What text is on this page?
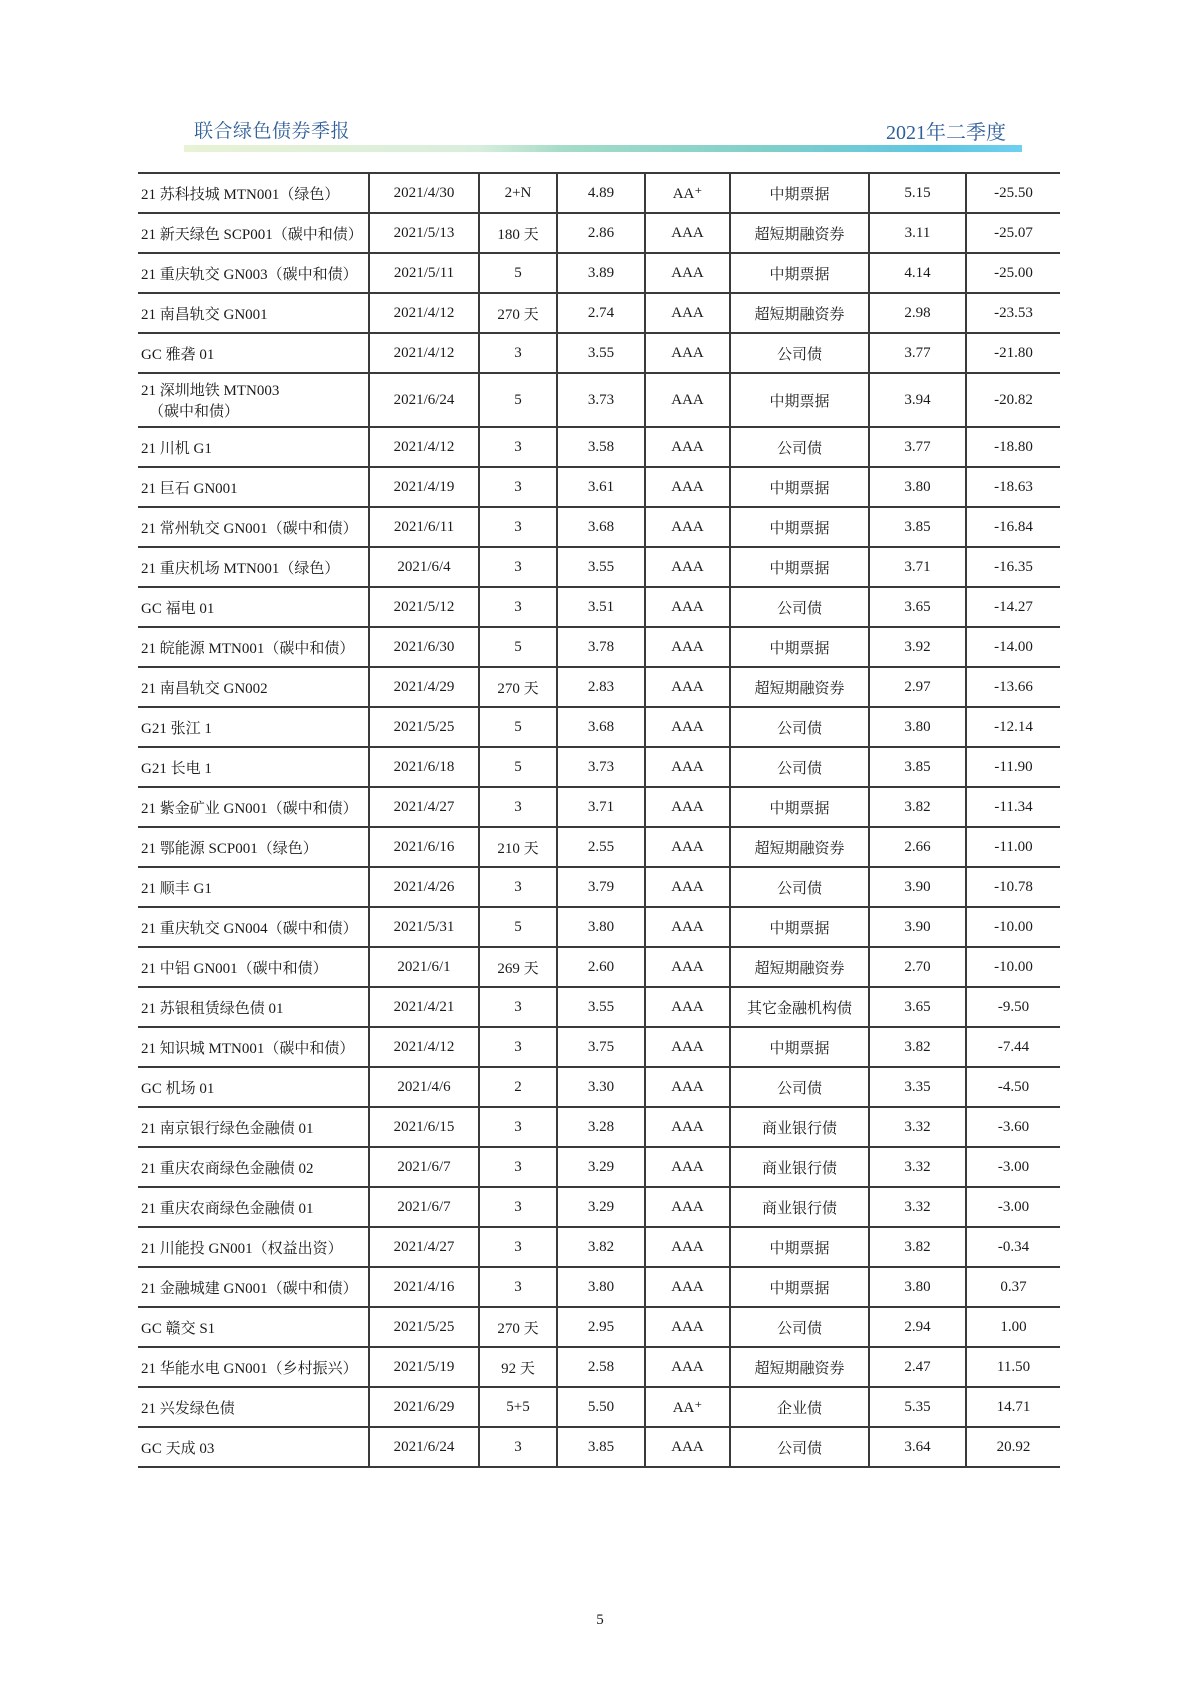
联合绿色债券季报	2021年二季度
21 苏科技城 MTN001（绿色）	2021/4/30	2+N	4.89	AA⁺	中期票据	5.15	-25.50
21 新天绿色 SCP001（碳中和债）	2021/5/13	180 天	2.86	AAA	超短期融资券	3.11	-25.07
21 重庆轨交 GN003（碳中和债）	2021/5/11	5	3.89	AAA	中期票据	4.14	-25.00
21 南昌轨交 GN001	2021/4/12	270 天	2.74	AAA	超短期融资券	2.98	-23.53
GC 雅砻 01	2021/4/12	3	3.55	AAA	公司债	3.77	-21.80

21 深圳地铁 MTN003
（碳中和债）	2021/6/24	5	3.73	AAA	中期票据	3.94	-20.82
21 川机 G1	2021/4/12	3	3.58	AAA	公司债	3.77	-18.80
21 巨石 GN001	2021/4/19	3	3.61	AAA	中期票据	3.80	-18.63
21 常州轨交 GN001（碳中和债）	2021/6/11	3	3.68	AAA	中期票据	3.85	-16.84
21 重庆机场 MTN001（绿色）	2021/6/4	3	3.55	AAA	中期票据	3.71	-16.35
GC 福电 01	2021/5/12	3	3.51	AAA	公司债	3.65	-14.27
21 皖能源 MTN001（碳中和债）	2021/6/30	5	3.78	AAA	中期票据	3.92	-14.00
21 南昌轨交 GN002	2021/4/29	270 天	2.83	AAA	超短期融资券	2.97	-13.66
G21 张江 1	2021/5/25	5	3.68	AAA	公司债	3.80	-12.14
G21 长电 1	2021/6/18	5	3.73	AAA	公司债	3.85	-11.90
21 紫金矿业 GN001（碳中和债）	2021/4/27	3	3.71	AAA	中期票据	3.82	-11.34
21 鄂能源 SCP001（绿色）	2021/6/16	210 天	2.55	AAA	超短期融资券	2.66	-11.00
21 顺丰 G1	2021/4/26	3	3.79	AAA	公司债	3.90	-10.78
21 重庆轨交 GN004（碳中和债）	2021/5/31	5	3.80	AAA	中期票据	3.90	-10.00
21 中铝 GN001（碳中和债）	2021/6/1	269 天	2.60	AAA	超短期融资券	2.70	-10.00
21 苏银租赁绿色债 01	2021/4/21	3	3.55	AAA	其它金融机构债	3.65	-9.50
21 知识城 MTN001（碳中和债）	2021/4/12	3	3.75	AAA	中期票据	3.82	-7.44
GC 机场 01	2021/4/6	2	3.30	AAA	公司债	3.35	-4.50
21 南京银行绿色金融债 01	2021/6/15	3	3.28	AAA	商业银行债	3.32	-3.60
21 重庆农商绿色金融债 02	2021/6/7	3	3.29	AAA	商业银行债	3.32	-3.00
21 重庆农商绿色金融债 01	2021/6/7	3	3.29	AAA	商业银行债	3.32	-3.00
21 川能投 GN001（权益出资）	2021/4/27	3	3.82	AAA	中期票据	3.82	-0.34
21 金融城建 GN001（碳中和债）	2021/4/16	3	3.80	AAA	中期票据	3.80	0.37
GC 赣交 S1	2021/5/25	270 天	2.95	AAA	公司债	2.94	1.00
21 华能水电 GN001（乡村振兴）	2021/5/19	92 天	2.58	AAA	超短期融资券	2.47	11.50
21 兴发绿色债	2021/6/29	5+5	5.50	AA⁺	企业债	5.35	14.71
GC 天成 03	2021/6/24	3	3.85	AAA	公司债	3.64	20.92
5
